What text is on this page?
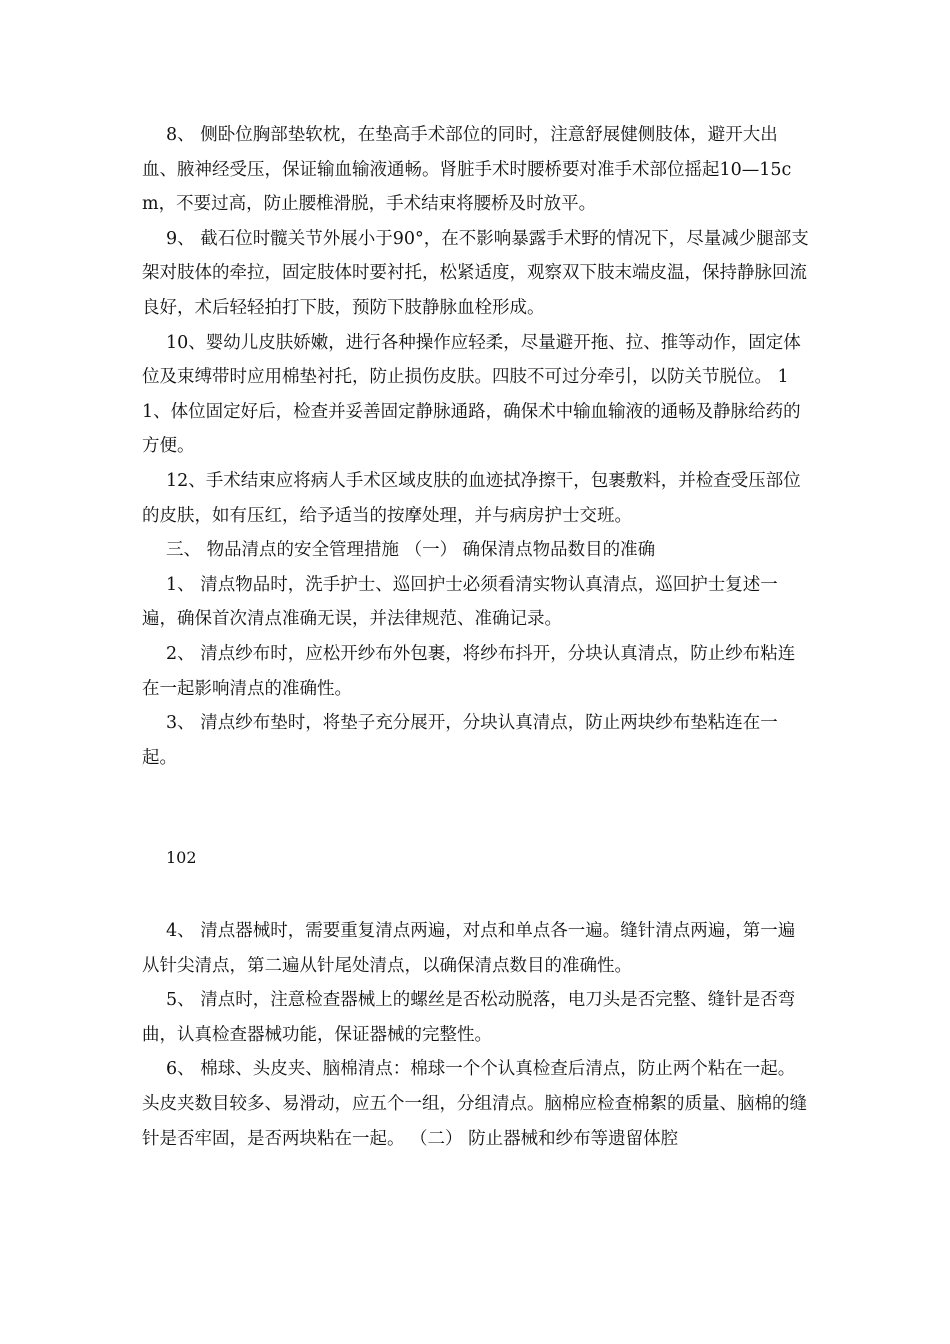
8、 侧卧位胸部垫软枕，在垫高手术部位的同时，注意舒展健侧肢体，避开大出血、腋神经受压，保证输血输液通畅。肾脏手术时腰桥要对准手术部位摇起10—15cm，不要过高，防止腰椎滑脱，手术结束将腰桥及时放平。

9、 截石位时髋关节外展小于90°，在不影响暴露手术野的情况下，尽量减少腿部支架对肢体的牵拉，固定肢体时要衬托，松紧适度，观察双下肢末端皮温，保持静脉回流良好，术后轻轻拍打下肢，预防下肢静脉血栓形成。

10、婴幼儿皮肤娇嫩，进行各种操作应轻柔，尽量避开拖、拉、推等动作，固定体位及束缚带时应用棉垫衬托，防止损伤皮肤。四肢不可过分牵引，以防关节脱位。 11、体位固定好后，检查并妥善固定静脉通路，确保术中输血输液的通畅及静脉给药的方便。

12、手术结束应将病人手术区域皮肤的血迹拭净擦干，包裹敷料，并检查受压部位的皮肤，如有压红，给予适当的按摩处理，并与病房护士交班。

三、 物品清点的安全管理措施 （一） 确保清点物品数目的准确

1、 清点物品时，洗手护士、巡回护士必须看清实物认真清点，巡回护士复述一遍，确保首次清点准确无误，并法律规范、准确记录。

2、 清点纱布时，应松开纱布外包裹，将纱布抖开，分块认真清点，防止纱布粘连在一起影响清点的准确性。

3、 清点纱布垫时，将垫子充分展开，分块认真清点，防止两块纱布垫粘连在一起。

102

4、 清点器械时，需要重复清点两遍，对点和单点各一遍。缝针清点两遍，第一遍从针尖清点，第二遍从针尾处清点，以确保清点数目的准确性。

5、 清点时，注意检查器械上的螺丝是否松动脱落，电刀头是否完整、缝针是否弯曲，认真检查器械功能，保证器械的完整性。

6、 棉球、头皮夹、脑棉清点：棉球一个个认真检查后清点，防止两个粘在一起。头皮夹数目较多、易滑动，应五个一组，分组清点。脑棉应检查棉絮的质量、脑棉的缝针是否牢固，是否两块粘在一起。 （二） 防止器械和纱布等遗留体腔
